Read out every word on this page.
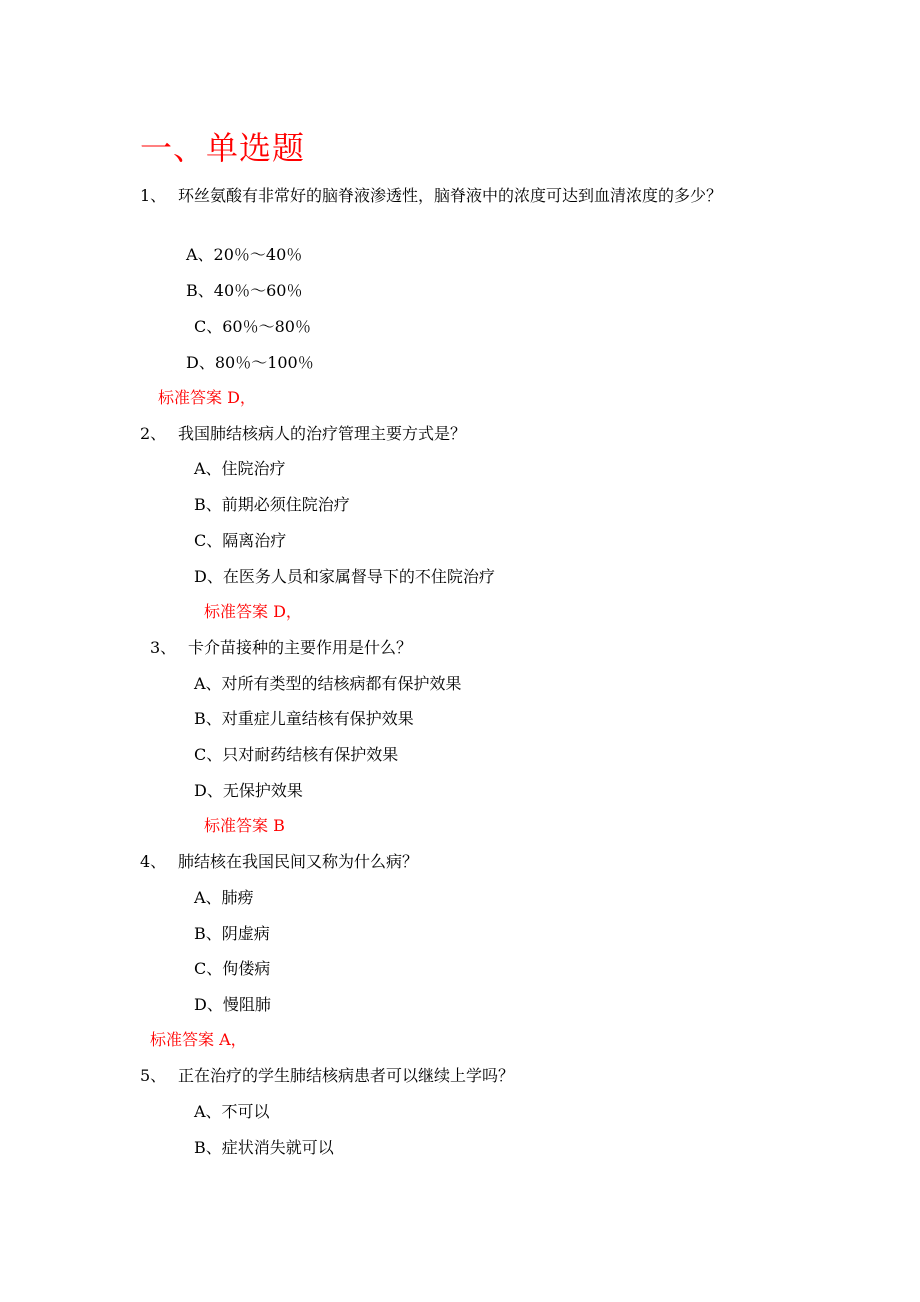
一、单选题
1、 环丝氨酸有非常好的脑脊液渗透性，脑脊液中的浓度可达到血清浓度的多少？
A、20％～40％
B、40％～60％
C、60％～80％
D、80％～100％
标准答案 D，
2、 我国肺结核病人的治疗管理主要方式是？
A、住院治疗
B、前期必须住院治疗
C、隔离治疗
D、在医务人员和家属督导下的不住院治疗
标准答案 D，
3、 卡介苗接种的主要作用是什么？
A、对所有类型的结核病都有保护效果
B、对重症儿童结核有保护效果
C、只对耐药结核有保护效果
D、无保护效果
标准答案 B
4、 肺结核在我国民间又称为什么病？
A、肺痨
B、阴虚病
C、佝偻病
D、慢阻肺
标准答案 A，
5、 正在治疗的学生肺结核病患者可以继续上学吗？
A、不可以
B、症状消失就可以
